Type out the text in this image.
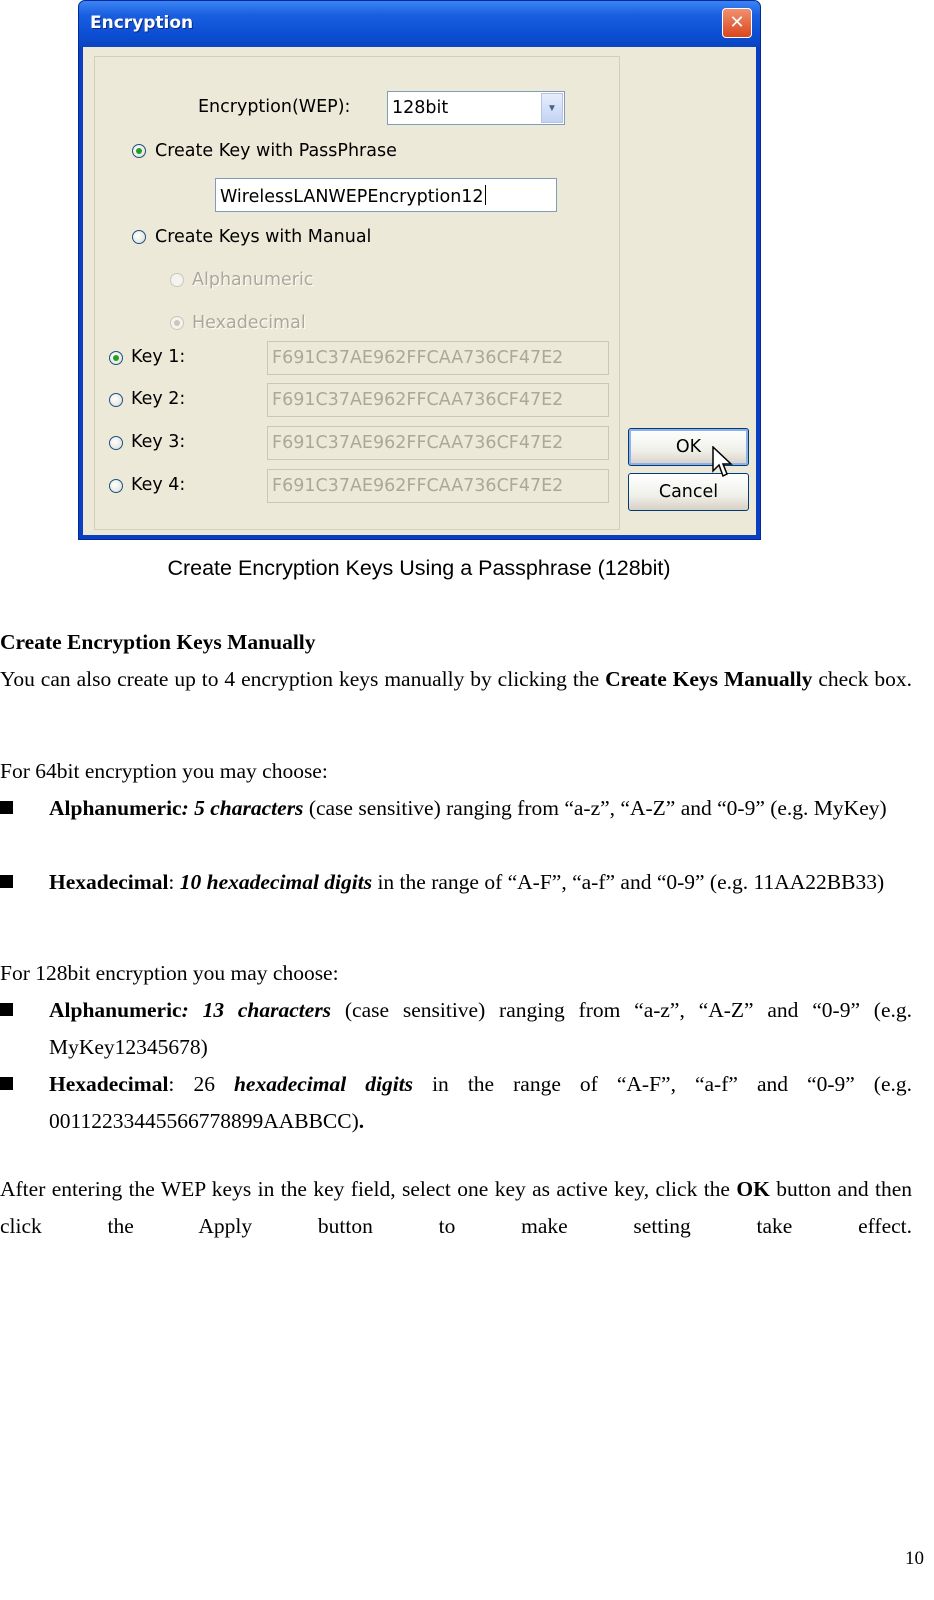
Encryption	✕
Encryption(WEP): 128bit	▼
Create Key with PassPhrase
WirelessLANWEPEncryption12
Create Keys with Manual
Alphanumeric
Hexadecimal
Key 1:	F691C37AE962FFCAA736CF47E2
Key 2:	F691C37AE962FFCAA736CF47E2
Key 3:	F691C37AE962FFCAA736CF47E2
Key 4:	F691C37AE962FFCAA736CF47E2
OK
Cancel
Create Encryption Keys Using a Passphrase (128bit)
Create Encryption Keys Manually
You can also create up to 4 encryption keys manually by clicking the Create Keys Manually check box.
For 64bit encryption you may choose:
Alphanumeric: 5 characters (case sensitive) ranging from “a-z”, “A-Z” and “0-9” (e.g. MyKey)
Hexadecimal: 10 hexadecimal digits in the range of “A-F”, “a-f” and “0-9” (e.g. 11AA22BB33)
For 128bit encryption you may choose:
Alphanumeric: 13 characters (case sensitive) ranging from “a-z”, “A-Z” and “0-9” (e.g. MyKey12345678)
Hexadecimal: 26 hexadecimal digits in the range of “A-F”, “a-f” and “0-9” (e.g. 00112233445566778899AABBCC).
After entering the WEP keys in the key field, select one key as active key, click the OK button and then click the Apply button to make setting take effect.
10
